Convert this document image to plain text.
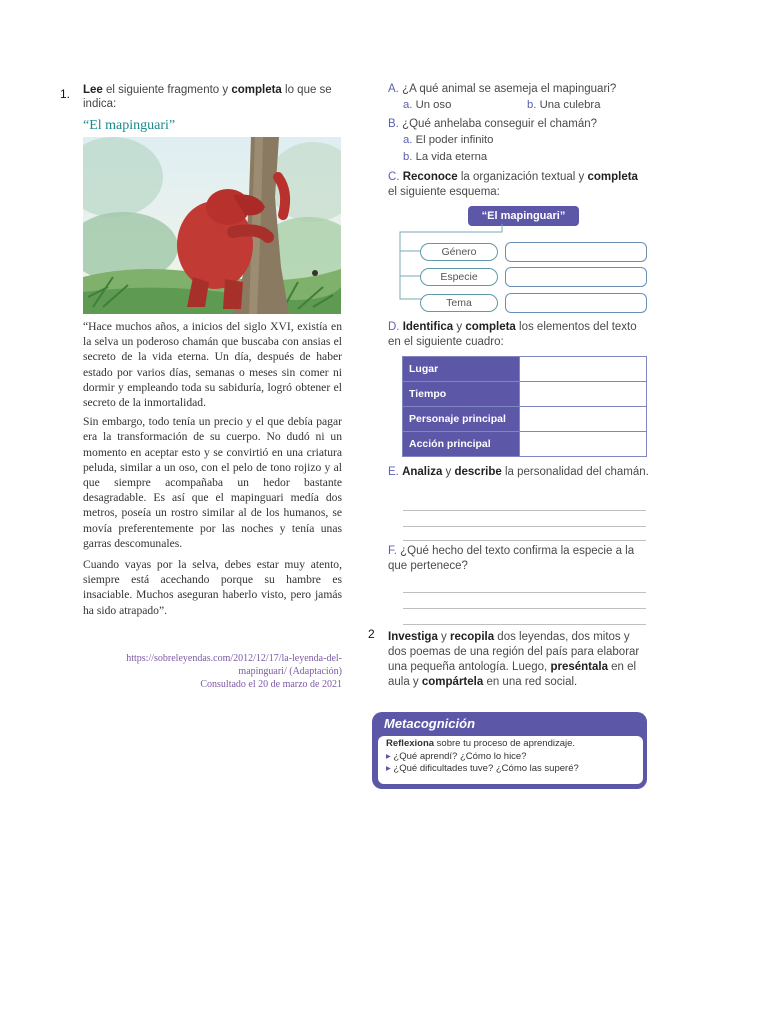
1. Lee el siguiente fragmento y completa lo que se indica:
“El mapinguari”

“Hace muchos años, a inicios del siglo XVI, existía en la selva un poderoso chamán que buscaba con ansias el secreto de la vida eterna. Un día, después de haber estado por varios días, semanas o meses sin comer ni dormir y empleando toda su sabiduría, logró obtener el secreto de la inmortalidad.

Sin embargo, todo tenía un precio y el que debía pagar era la transformación de su cuerpo. No dudó ni un momento en aceptar esto y se convirtió en una criatura peluda, similar a un oso, con el pelo de tono rojizo y al que siempre acompañaba un hedor bastante desagradable. Es así que el mapinguari medía dos metros, poseía un rostro similar al de los humanos, se movía preferentemente por las noches y tenía unas garras descomunales.

Cuando vayas por la selva, debes estar muy atento, siempre está acechando porque su hambre es insaciable. Muchos aseguran haberlo visto, pero jamás ha sido atrapado”.

https://sobreleyendas.com/2012/12/17/la-leyenda-del-
mapinguari/ (Adaptación)
Consultado el 20 de marzo de 2021
A. ¿A qué animal se asemeja el mapinguari?
a. Un oso	b. Una culebra
B. ¿Qué anhelaba conseguir el chamán?
a. El poder infinito
b. La vida eterna
C. Reconoce la organización textual y completa el siguiente esquema:
“El mapinguari”
Género
Especie
Tema
D. Identifica y completa los elementos del texto en el siguiente cuadro:
Lugar	
Tiempo	
Personaje principal	
Acción principal	
E. Analiza y describe la personalidad del chamán.
F. ¿Qué hecho del texto confirma la especie a la que pertenece?
2 Investiga y recopila dos leyendas, dos mitos y dos poemas de una región del país para elaborar una pequeña antología. Luego, preséntala en el aula y compártela en una red social.
Metacognición
Reflexiona sobre tu proceso de aprendizaje.
▸ ¿Qué aprendí? ¿Cómo lo hice?
▸ ¿Qué dificultades tuve? ¿Cómo las superé?
